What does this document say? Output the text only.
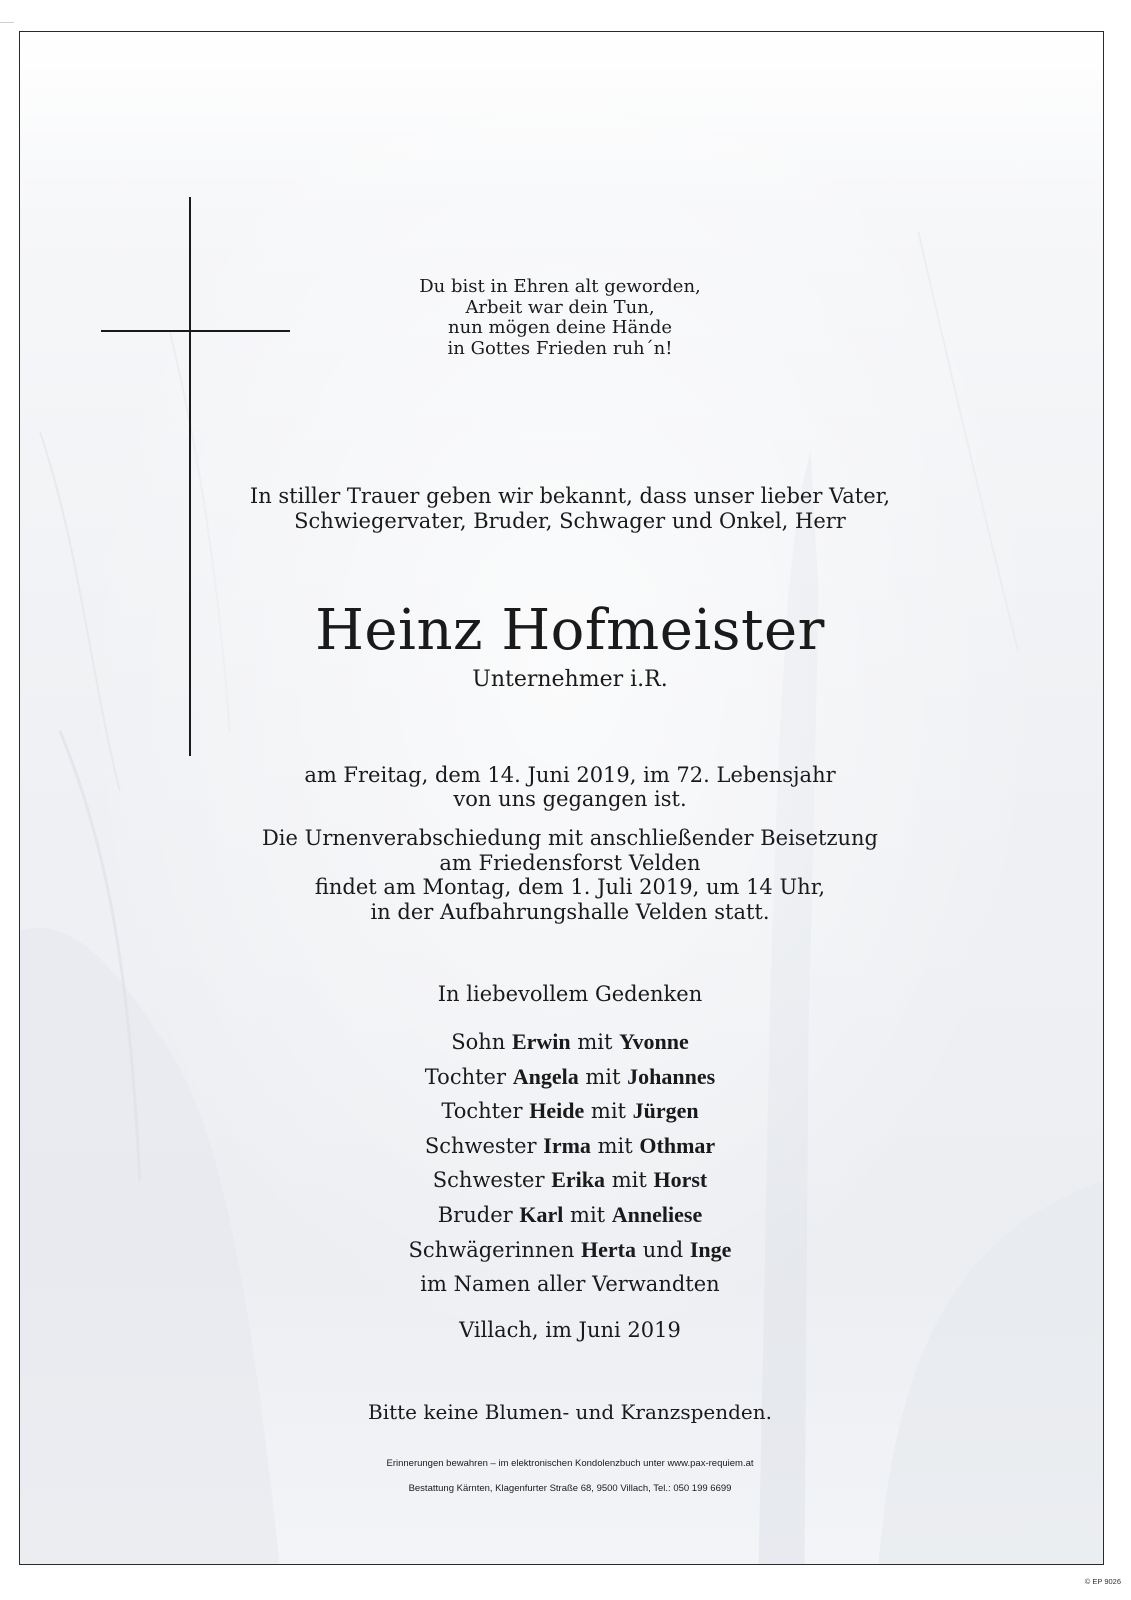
Du bist in Ehren alt geworden,
Arbeit war dein Tun,
nun mögen deine Hände
in Gottes Frieden ruh´n!
In stiller Trauer geben wir bekannt, dass unser lieber Vater,
Schwiegervater, Bruder, Schwager und Onkel, Herr
Heinz Hofmeister
Unternehmer i.R.
am Freitag, dem 14. Juni 2019, im 72. Lebensjahr
von uns gegangen ist.
Die Urnenverabschiedung mit anschließender Beisetzung
am Friedensforst Velden
findet am Montag, dem 1. Juli 2019, um 14 Uhr,
in der Aufbahrungshalle Velden statt.
In liebevollem Gedenken
Sohn Erwin mit Yvonne
Tochter Angela mit Johannes
Tochter Heide mit Jürgen
Schwester Irma mit Othmar
Schwester Erika mit Horst
Bruder Karl mit Anneliese
Schwägerinnen Herta und Inge
im Namen aller Verwandten
Villach, im Juni 2019
Bitte keine Blumen- und Kranzspenden.
Erinnerungen bewahren – im elektronischen Kondolenzbuch unter www.pax-requiem.at
Bestattung Kärnten, Klagenfurter Straße 68, 9500 Villach, Tel.: 050 199 6699
© EP 9026
